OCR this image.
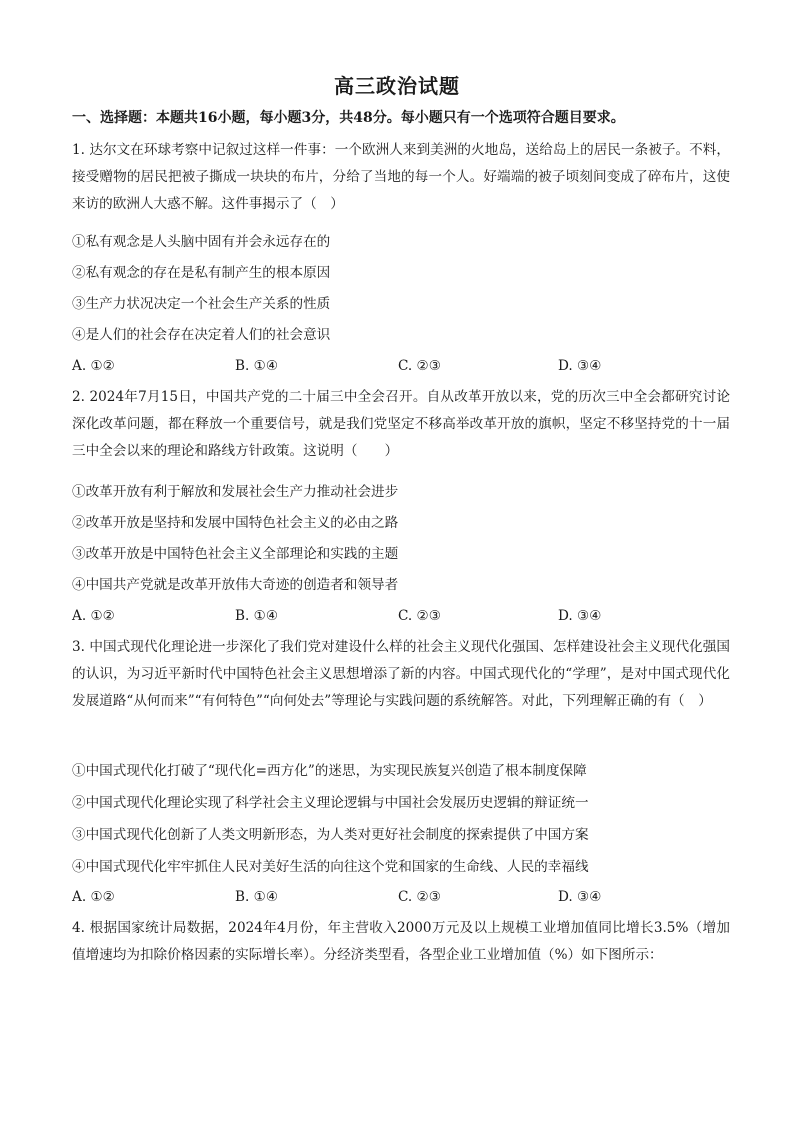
高三政治试题
一、选择题：本题共16小题，每小题3分，共48分。每小题只有一个选项符合题目要求。
1. 达尔文在环球考察中记叙过这样一件事：一个欧洲人来到美洲的火地岛，送给岛上的居民一条被子。不料，接受赠物的居民把被子撕成一块块的布片，分给了当地的每一个人。好端端的被子顷刻间变成了碎布片，这使来访的欧洲人大惑不解。这件事揭示了（　）
①私有观念是人头脑中固有并会永远存在的
②私有观念的存在是私有制产生的根本原因
③生产力状况决定一个社会生产关系的性质
④是人们的社会存在决定着人们的社会意识
A. ①②	B. ①④	C. ②③	D. ③④
2. 2024年7月15日，中国共产党的二十届三中全会召开。自从改革开放以来，党的历次三中全会都研究讨论深化改革问题，都在释放一个重要信号，就是我们党坚定不移高举改革开放的旗帜，坚定不移坚持党的十一届三中全会以来的理论和路线方针政策。这说明（　　）
①改革开放有利于解放和发展社会生产力推动社会进步
②改革开放是坚持和发展中国特色社会主义的必由之路
③改革开放是中国特色社会主义全部理论和实践的主题
④中国共产党就是改革开放伟大奇迹的创造者和领导者
A. ①②	B. ①④	C. ②③	D. ③④
3. 中国式现代化理论进一步深化了我们党对建设什么样的社会主义现代化强国、怎样建设社会主义现代化强国的认识，为习近平新时代中国特色社会主义思想增添了新的内容。中国式现代化的“学理”，是对中国式现代化发展道路“从何而来”“有何特色”“向何处去”等理论与实践问题的系统解答。对此，下列理解正确的有（　）
①中国式现代化打破了“现代化=西方化”的迷思，为实现民族复兴创造了根本制度保障
②中国式现代化理论实现了科学社会主义理论逻辑与中国社会发展历史逻辑的辩证统一
③中国式现代化创新了人类文明新形态，为人类对更好社会制度的探索提供了中国方案
④中国式现代化牢牢抓住人民对美好生活的向往这个党和国家的生命线、人民的幸福线
A. ①②	B. ①④	C. ②③	D. ③④
4. 根据国家统计局数据，2024年4月份，年主营收入2000万元及以上规模工业增加值同比增长3.5%（增加值增速均为扣除价格因素的实际增长率）。分经济类型看，各型企业工业增加值（%）如下图所示：
